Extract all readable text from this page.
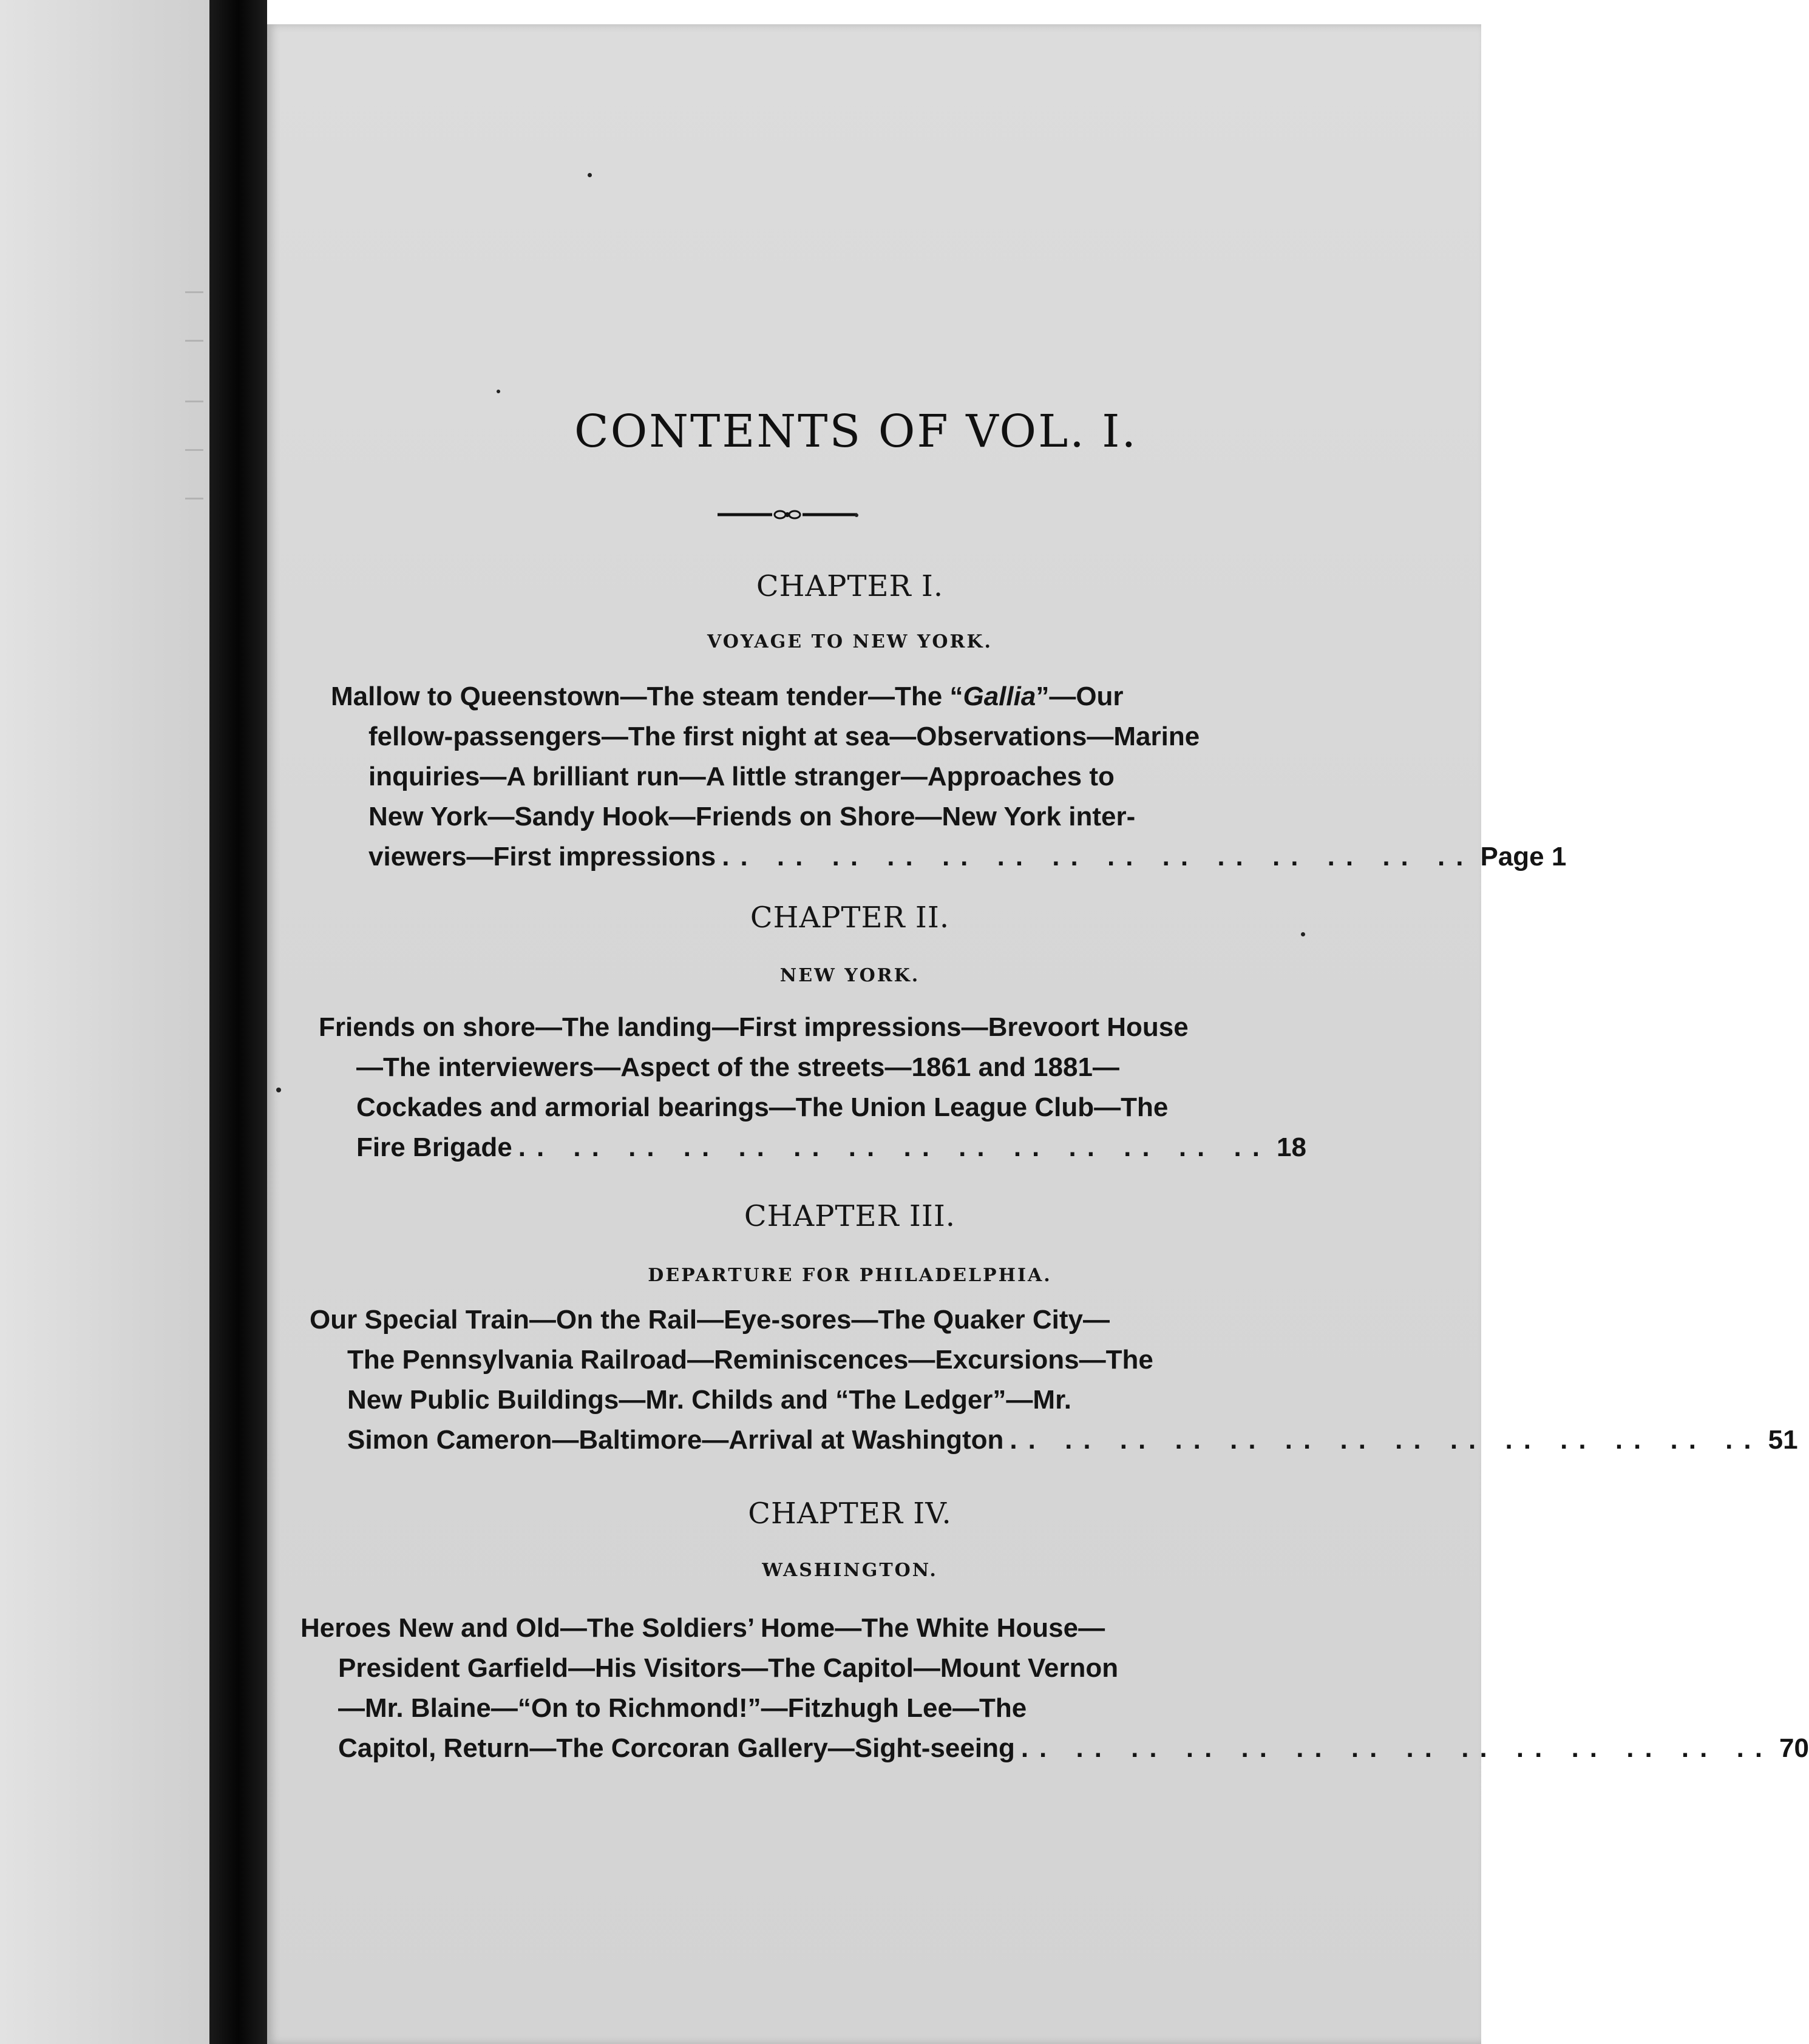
CONTENTS OF VOL. I.
CHAPTER I.
VOYAGE TO NEW YORK.
Mallow to Queenstown—The steam tender—The “Gallia”—Our
fellow-passengers—The first night at sea—Observations—Marine
inquiries—A brilliant run—A little stranger—Approaches to
New York—Sandy Hook—Friends on Shore—New York inter-
viewers—First impressions .. .. .. .. .. .. .. .. .. .. .. .. .. .. Page 1
CHAPTER II.
NEW YORK.
Friends on shore—The landing—First impressions—Brevoort House
—The interviewers—Aspect of the streets—1861 and 1881—
Cockades and armorial bearings—The Union League Club—The
Fire Brigade .. .. .. .. .. .. .. .. .. .. .. .. .. .. 18
CHAPTER III.
DEPARTURE FOR PHILADELPHIA.
Our Special Train—On the Rail—Eye-sores—The Quaker City—
The Pennsylvania Railroad—Reminiscences—Excursions—The
New Public Buildings—Mr. Childs and “The Ledger”—Mr.
Simon Cameron—Baltimore—Arrival at Washington .. .. .. .. .. .. .. .. .. .. .. .. .. .. 51
CHAPTER IV.
WASHINGTON.
Heroes New and Old—The Soldiers’ Home—The White House—
President Garfield—His Visitors—The Capitol—Mount Vernon
—Mr. Blaine—“On to Richmond!”—Fitzhugh Lee—The
Capitol, Return—The Corcoran Gallery—Sight-seeing .. .. .. .. .. .. .. .. .. .. .. .. .. .. 70
